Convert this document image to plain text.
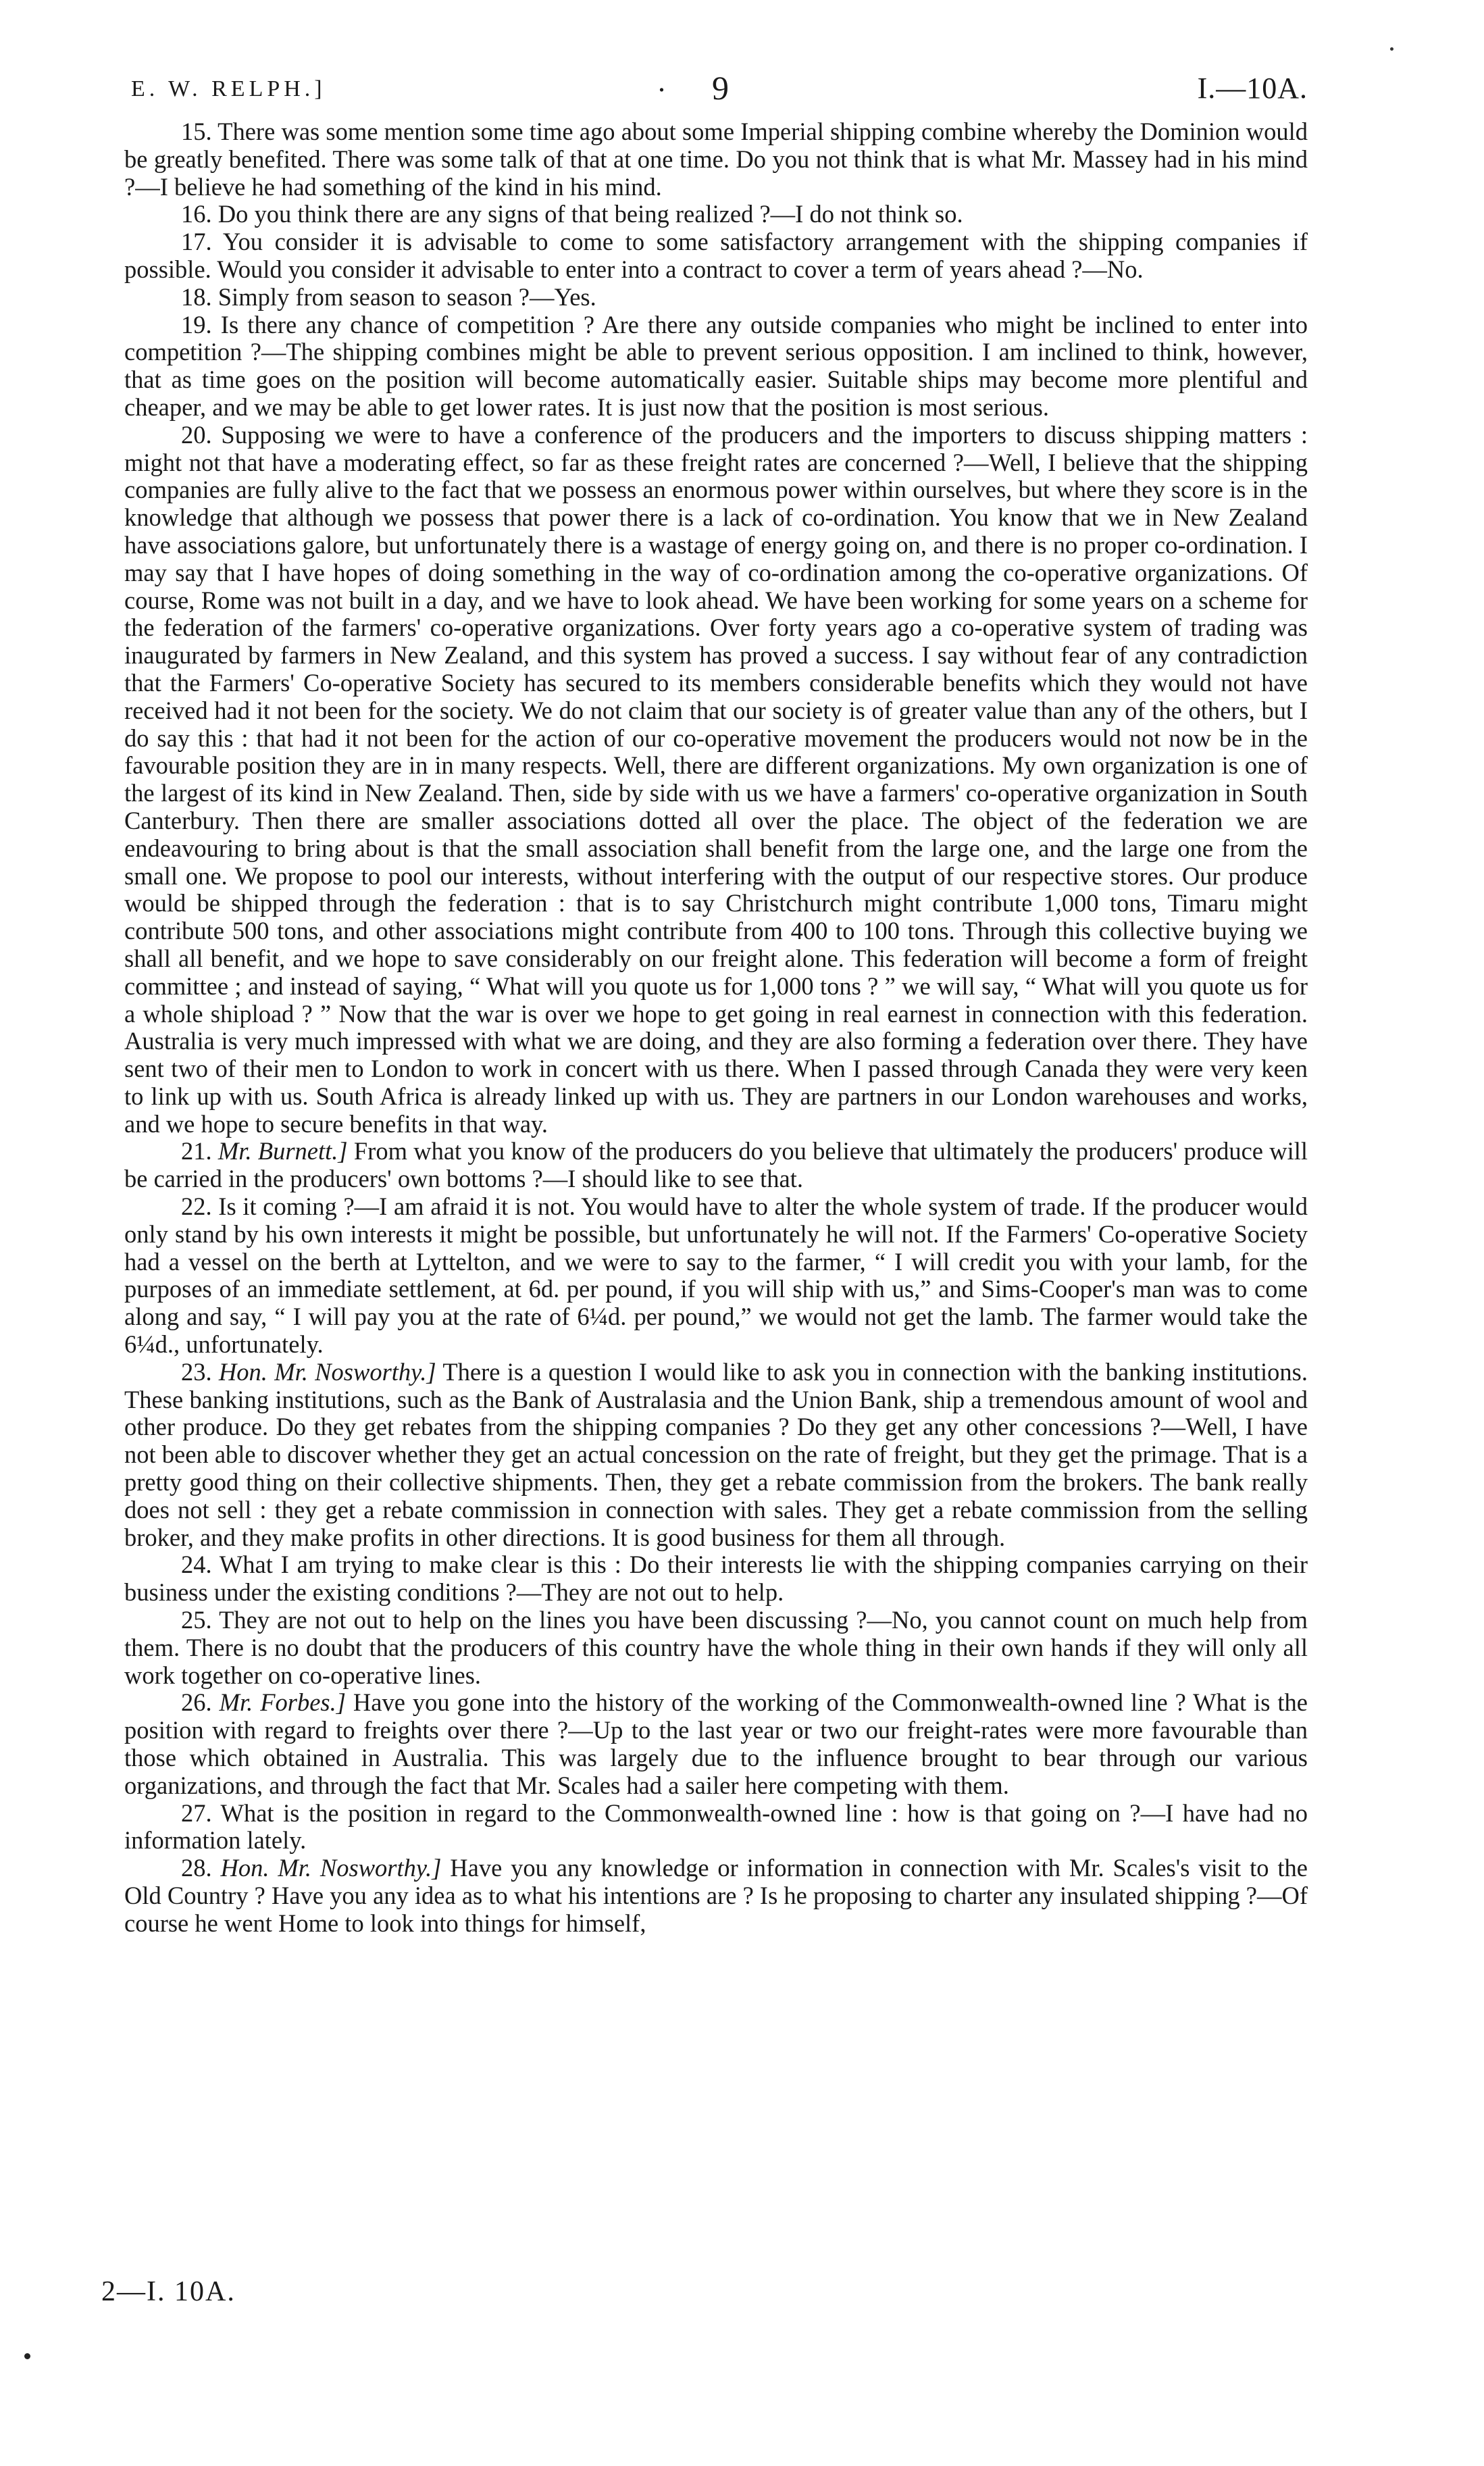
E. W. RELPH.]	. 9	I.—10A.

15. There was some mention some time ago about some Imperial shipping combine whereby the Dominion would be greatly benefited. There was some talk of that at one time. Do you not think that is what Mr. Massey had in his mind ?—I believe he had something of the kind in his mind.

16. Do you think there are any signs of that being realized ?—I do not think so.

17. You consider it is advisable to come to some satisfactory arrangement with the shipping companies if possible. Would you consider it advisable to enter into a contract to cover a term of years ahead ?—No.

18. Simply from season to season ?—Yes.

19. Is there any chance of competition ? Are there any outside companies who might be inclined to enter into competition ?—The shipping combines might be able to prevent serious opposition. I am inclined to think, however, that as time goes on the position will become automatically easier. Suitable ships may become more plentiful and cheaper, and we may be able to get lower rates. It is just now that the position is most serious.

20. Supposing we were to have a conference of the producers and the importers to discuss shipping matters : might not that have a moderating effect, so far as these freight rates are concerned ?—Well, I believe that the shipping companies are fully alive to the fact that we possess an enormous power within ourselves, but where they score is in the knowledge that although we possess that power there is a lack of co-ordination. You know that we in New Zealand have associations galore, but unfortunately there is a wastage of energy going on, and there is no proper co-ordination. I may say that I have hopes of doing something in the way of co-ordination among the co-operative organizations. Of course, Rome was not built in a day, and we have to look ahead. We have been working for some years on a scheme for the federation of the farmers' co-operative organizations. Over forty years ago a co-operative system of trading was inaugurated by farmers in New Zealand, and this system has proved a success. I say without fear of any contradiction that the Farmers' Co-operative Society has secured to its members considerable benefits which they would not have received had it not been for the society. We do not claim that our society is of greater value than any of the others, but I do say this : that had it not been for the action of our co-operative movement the producers would not now be in the favourable position they are in in many respects. Well, there are different organizations. My own organization is one of the largest of its kind in New Zealand. Then, side by side with us we have a farmers' co-operative organization in South Canterbury. Then there are smaller associations dotted all over the place. The object of the federation we are endeavouring to bring about is that the small association shall benefit from the large one, and the large one from the small one. We propose to pool our interests, without interfering with the output of our respective stores. Our produce would be shipped through the federation : that is to say Christchurch might contribute 1,000 tons, Timaru might contribute 500 tons, and other associations might contribute from 400 to 100 tons. Through this collective buying we shall all benefit, and we hope to save considerably on our freight alone. This federation will become a form of freight committee ; and instead of saying, “ What will you quote us for 1,000 tons ? ” we will say, “ What will you quote us for a whole shipload ? ” Now that the war is over we hope to get going in real earnest in connection with this federation. Australia is very much impressed with what we are doing, and they are also forming a federation over there. They have sent two of their men to London to work in concert with us there. When I passed through Canada they were very keen to link up with us. South Africa is already linked up with us. They are partners in our London warehouses and works, and we hope to secure benefits in that way.

21. Mr. Burnett.] From what you know of the producers do you believe that ultimately the producers' produce will be carried in the producers' own bottoms ?—I should like to see that.

22. Is it coming ?—I am afraid it is not. You would have to alter the whole system of trade. If the producer would only stand by his own interests it might be possible, but unfortunately he will not. If the Farmers' Co-operative Society had a vessel on the berth at Lyttelton, and we were to say to the farmer, “ I will credit you with your lamb, for the purposes of an immediate settlement, at 6d. per pound, if you will ship with us,” and Sims-Cooper's man was to come along and say, “ I will pay you at the rate of 6¼d. per pound,” we would not get the lamb. The farmer would take the 6¼d., unfortunately.

23. Hon. Mr. Nosworthy.] There is a question I would like to ask you in connection with the banking institutions. These banking institutions, such as the Bank of Australasia and the Union Bank, ship a tremendous amount of wool and other produce. Do they get rebates from the shipping companies ? Do they get any other concessions ?—Well, I have not been able to discover whether they get an actual concession on the rate of freight, but they get the primage. That is a pretty good thing on their collective shipments. Then, they get a rebate commission from the brokers. The bank really does not sell : they get a rebate commission in connection with sales. They get a rebate commission from the selling broker, and they make profits in other directions. It is good business for them all through.

24. What I am trying to make clear is this : Do their interests lie with the shipping companies carrying on their business under the existing conditions ?—They are not out to help.

25. They are not out to help on the lines you have been discussing ?—No, you cannot count on much help from them. There is no doubt that the producers of this country have the whole thing in their own hands if they will only all work together on co-operative lines.

26. Mr. Forbes.] Have you gone into the history of the working of the Commonwealth-owned line ? What is the position with regard to freights over there ?—Up to the last year or two our freight-rates were more favourable than those which obtained in Australia. This was largely due to the influence brought to bear through our various organizations, and through the fact that Mr. Scales had a sailer here competing with them.

27. What is the position in regard to the Commonwealth-owned line : how is that going on ?—I have had no information lately.

28. Hon. Mr. Nosworthy.] Have you any knowledge or information in connection with Mr. Scales's visit to the Old Country ? Have you any idea as to what his intentions are ? Is he proposing to charter any insulated shipping ?—Of course he went Home to look into things for himself,

2—I. 10A.
